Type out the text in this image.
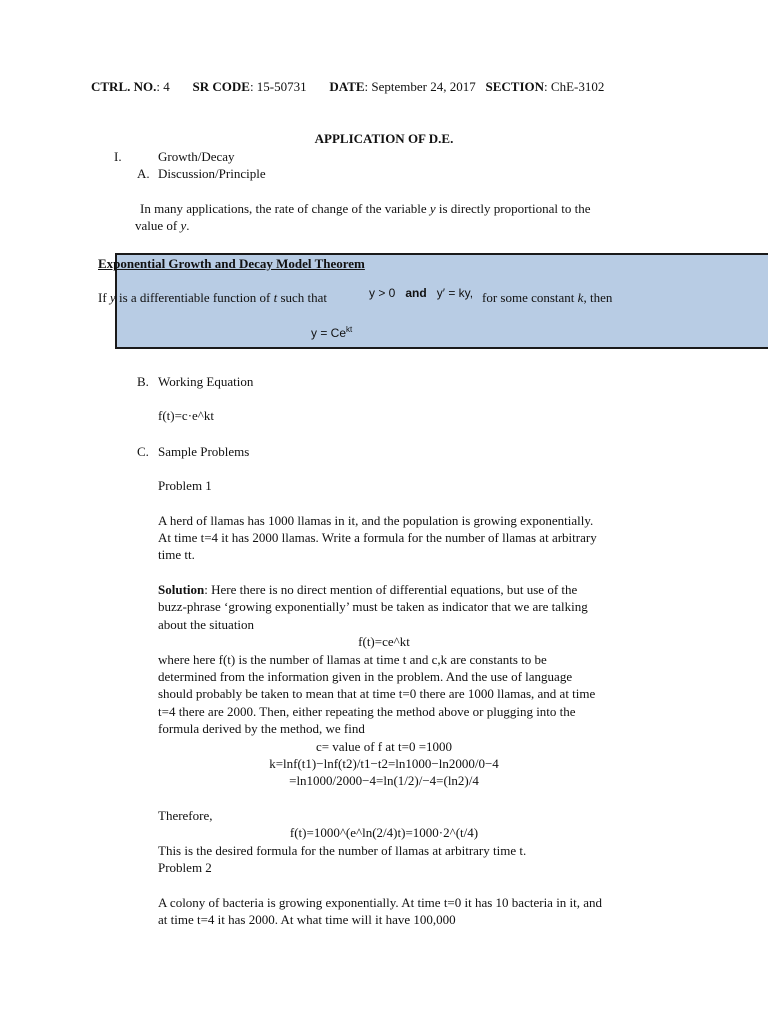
CTRL. NO.: 4 SR CODE: 15-50731 DATE: September 24, 2017 SECTION: ChE-3102
APPLICATION OF D.E.
I.	Growth/Decay
A. Discussion/Principle
In many applications, the rate of change of the variable y is directly proportional to the
value of y.
Exponential Growth and Decay Model Theorem
If y is a differentiable function of t such that	y > 0 and y′ = ky, for some constant k, then
$y = Ce^{kt}$
B. Working Equation
f(t)=c·e^kt
C. Sample Problems
Problem 1
A herd of llamas has 1000 llamas in it, and the population is growing exponentially.
At time t=4 it has 2000 llamas. Write a formula for the number of llamas at arbitrary
time tt.
Solution: Here there is no direct mention of differential equations, but use of the
buzz-phrase ‘growing exponentially’ must be taken as indicator that we are talking
about the situation
f(t)=ce^kt
where here f(t) is the number of llamas at time t and c,k are constants to be
determined from the information given in the problem. And the use of language
should probably be taken to mean that at time t=0 there are 1000 llamas, and at time
t=4 there are 2000. Then, either repeating the method above or plugging into the
formula derived by the method, we find
c= value of f at t=0 =1000
k=lnf(t1)−lnf(t2)/t1−t2=ln1000−ln2000/0−4
=ln1000/2000−4=ln(1/2)/−4=(ln2)/4
Therefore,
f(t)=1000^(e^ln(2/4)t)=1000·2^(t/4)
This is the desired formula for the number of llamas at arbitrary time t.
Problem 2
A colony of bacteria is growing exponentially. At time t=0 it has 10 bacteria in it, and
at time t=4 it has 2000. At what time will it have 100,000
